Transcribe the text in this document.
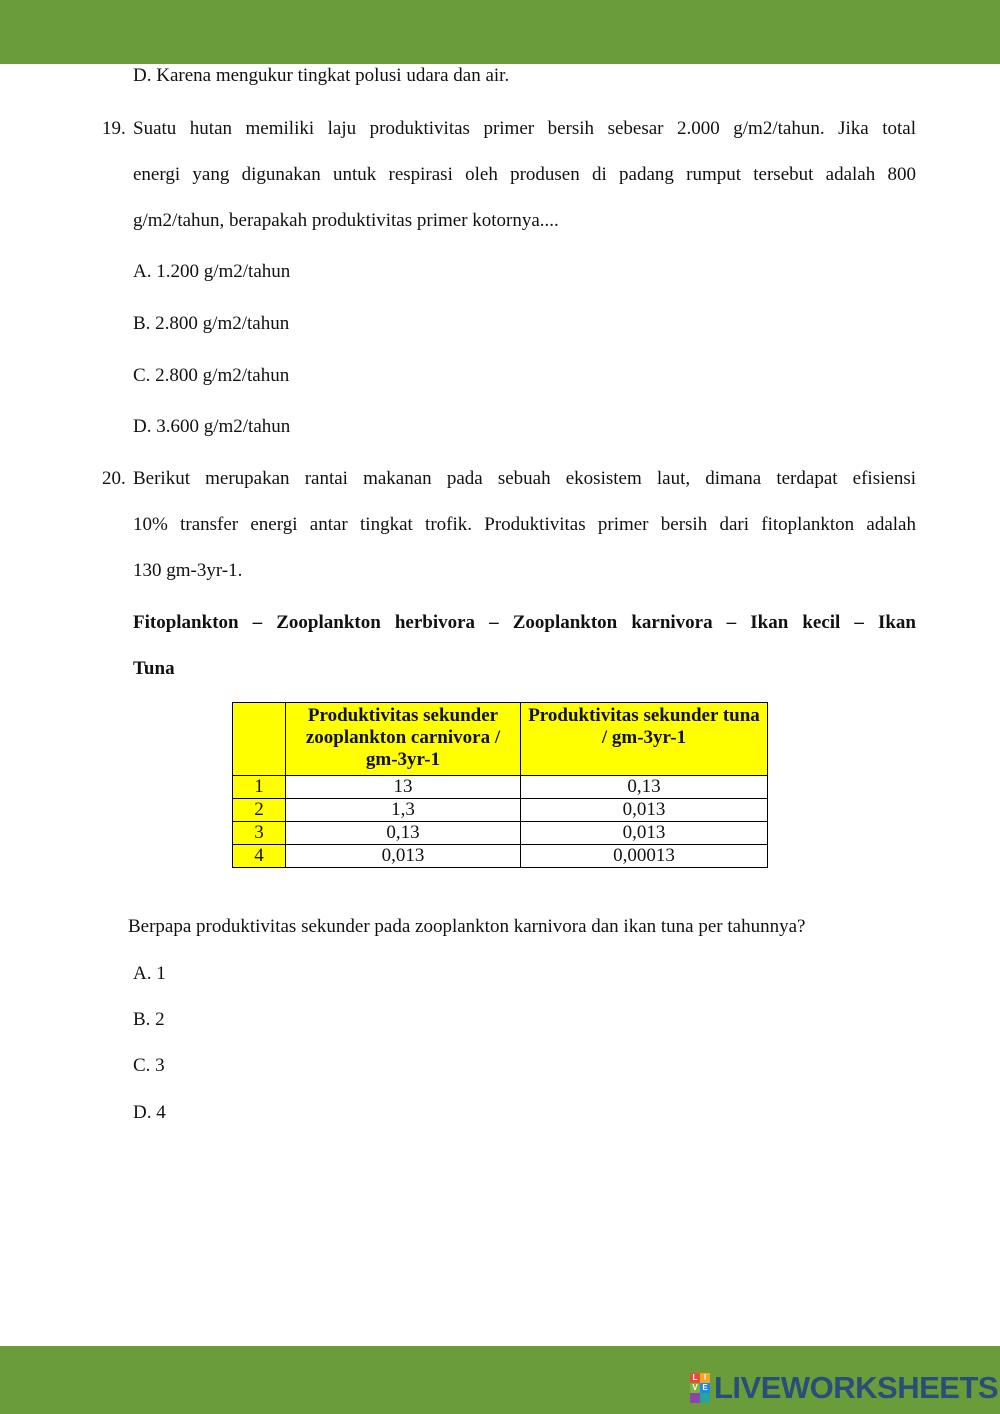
D. Karena mengukur tingkat polusi udara dan air.
19. Suatu hutan memiliki laju produktivitas primer bersih sebesar 2.000 g/m2/tahun. Jika total
energi yang digunakan untuk respirasi oleh produsen di padang rumput tersebut adalah 800
g/m2/tahun, berapakah produktivitas primer kotornya....
A. 1.200 g/m2/tahun
B. 2.800 g/m2/tahun
C. 2.800 g/m2/tahun
D. 3.600 g/m2/tahun
20. Berikut merupakan rantai makanan pada sebuah ekosistem laut, dimana terdapat efisiensi
10% transfer energi antar tingkat trofik. Produktivitas primer bersih dari fitoplankton adalah
130 gm-3yr-1.
Fitoplankton – Zooplankton herbivora – Zooplankton karnivora – Ikan kecil – Ikan
Tuna
	Produktivitas sekunder zooplankton carnivora / gm-3yr-1	Produktivitas sekunder tuna / gm-3yr-1
1	13	0,13
2	1,3	0,013
3	0,13	0,013
4	0,013	0,00013
Berpapa produktivitas sekunder pada zooplankton karnivora dan ikan tuna per tahunnya?
A. 1
B. 2
C. 3
D. 4
L I
V E LIVEWORKSHEETS
